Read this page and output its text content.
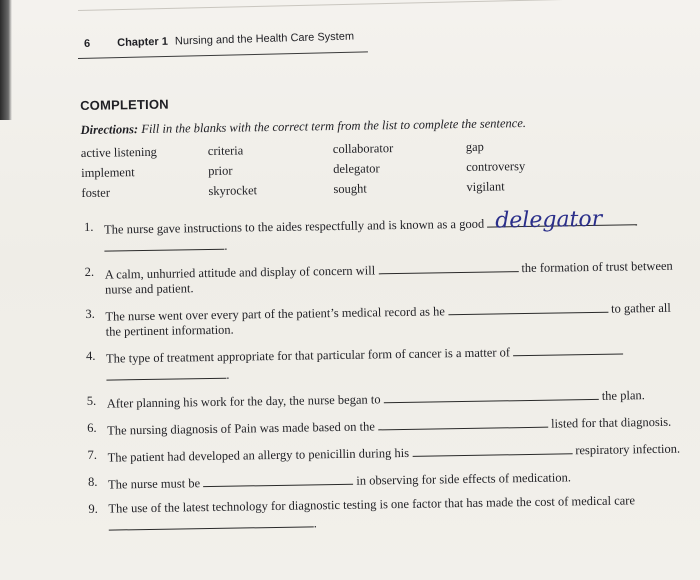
6 Chapter 1 Nursing and the Health Care System
COMPLETION
Directions: Fill in the blanks with the correct term from the list to complete the sentence.
active listening	criteria	collaborator	gap
implement	prior	delegator	controversy
foster	skyrocket	sought	vigilant
1. The nurse gave instructions to the aides respectfully and is known as a good delegator
.
2. A calm, unhurried attitude and display of concern will	the formation of trust between nurse and patient.
3. The nurse went over every part of the patient’s medical record as he	to gather all the pertinent information.
4. The type of treatment appropriate for that particular form of cancer is a matter of
.
5. After planning his work for the day, the nurse began to	the plan.
6. The nursing diagnosis of Pain was made based on the	listed for that diagnosis.
7. The patient had developed an allergy to penicillin during his	respiratory infection.
8. The nurse must be	in observing for side effects of medication.
9. The use of the latest technology for diagnostic testing is one factor that has made the cost of medical care
.
